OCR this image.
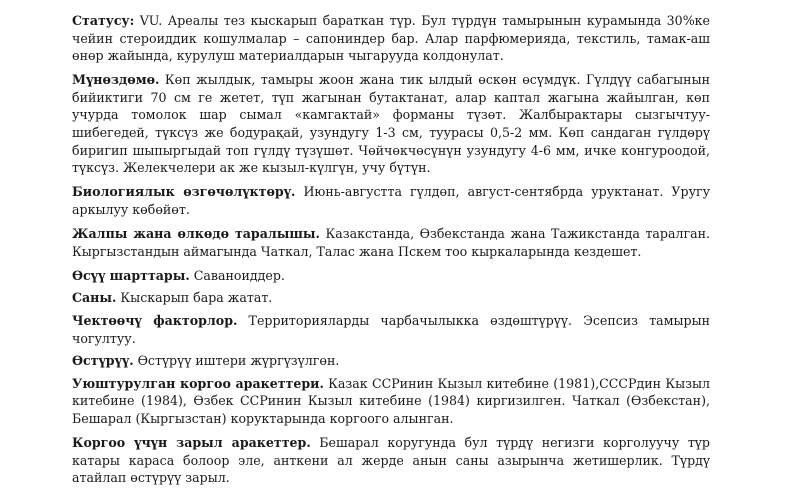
Статусу: VU. Ареалы тез кыскарып бараткан түр. Бул түрдүн тамырынын курамында 30%ке чейин стероиддик кошулмалар – сапониндер бар. Алар парфюмерияда, текстиль, тамак-аш өнөр жайында, курулуш материалдарын чыгарууда колдонулат.

Мүнөздөмө. Көп жылдык, тамыры жоон жана тик ылдый өскөн өсүмдүк. Гүлдүү сабагынын бийиктиги 70 см ге жетет, түп жагынан бутактанат, алар каптал жагына жайылган, көп учурда томолок шар сымал «камгактай» форманы түзөт. Жалбырактары сызгычтуу-шибегедей, түксүз же бодурақай, узундугу 1-3 см, туурасы 0,5-2 мм. Көп сандаган гүлдөрү биригип шыпыргыдай топ гүлдү түзүшөт. Чөйчөкчөсүнүн узундугу 4-6 мм, ичке конгуроодой, түксүз. Желекчелери ак же кызыл-күлгүн, учу бүтүн.

Биологиялык өзгөчөлүктөрү. Июнь-августта гүлдөп, август-сентябрда уруктанат. Уругу аркылуу көбөйөт.

Жалпы жана өлкөдө таралышы. Казакстанда, Өзбекстанда жана Тажикстанда таралган. Кыргызстандын аймагында Чаткал, Талас жана Пскем тоо кыркаларында кездешет.

Өсүү шарттары. Саваноиддер.

Саны. Кыскарып бара жатат.

Чектөөчү факторлор. Территорияларды чарбачылыкка өздөштүрүү. Эсепсиз тамырын чогултуу.

Өстүрүү. Өстүрүү иштери жүргүзүлгөн.

Уюштурулган коргоо аракеттери. Казак ССРинин Кызыл китебине (1981),СССРдин Кызыл китебине (1984), Өзбек ССРинин Кызыл китебине (1984) киргизилген. Чаткал (Өзбекстан), Бешарал (Кыргызстан) коруктарында коргоого алынган.

Коргоо үчүн зарыл аракеттер. Бешарал коругунда бул түрдү негизги корголуучу түр катары караса болоор эле, анткени ал жерде анын саны азырынча жетишерлик. Түрдү атайлап өстүрүү зарыл.
